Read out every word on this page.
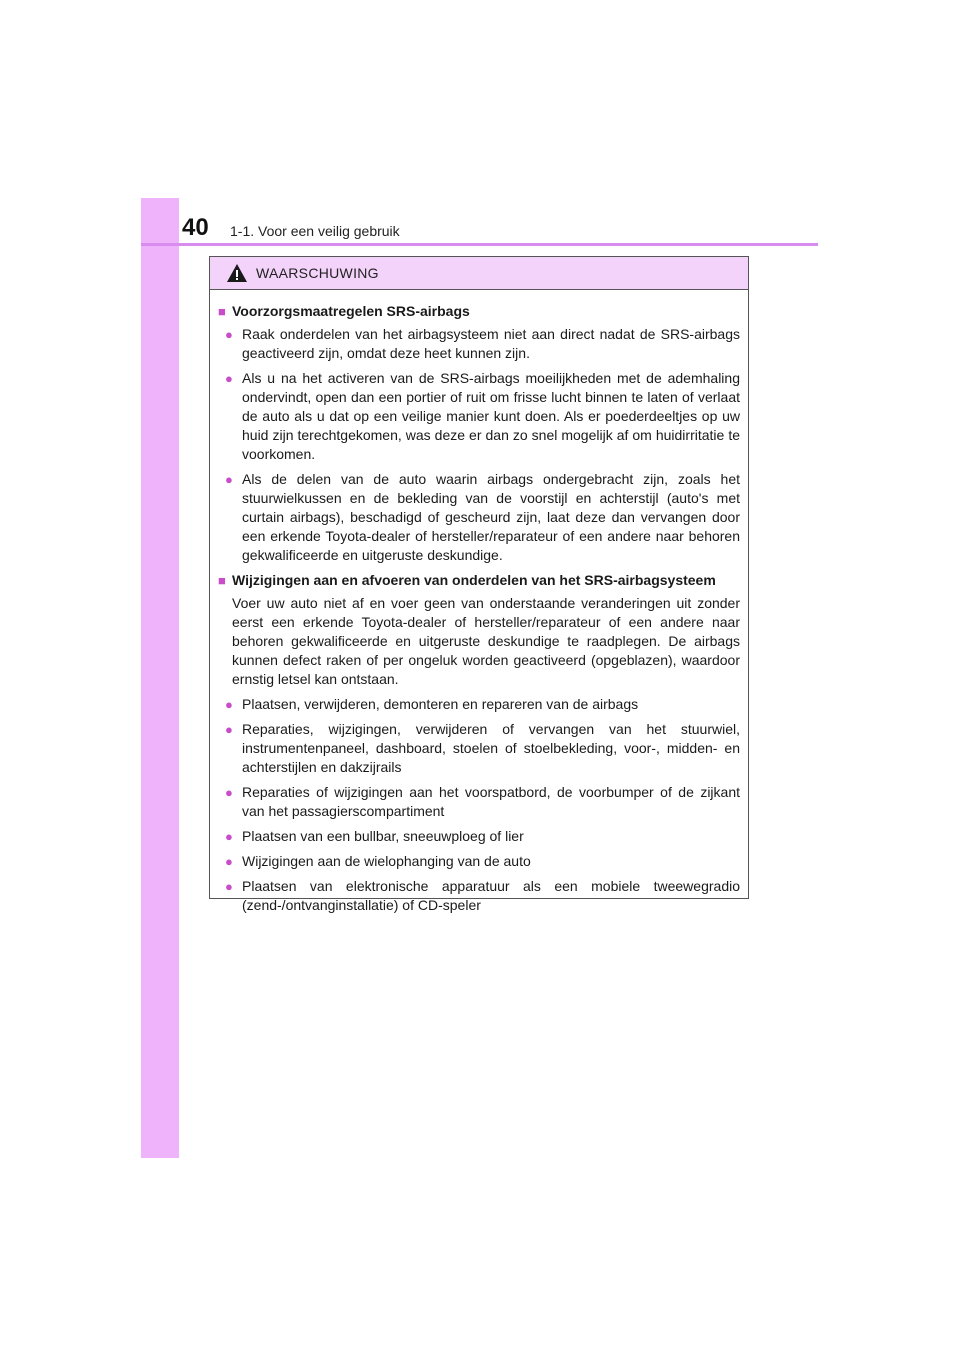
40 1-1. Voor een veilig gebruik
WAARSCHUWING
■ Voorzorgsmaatregelen SRS-airbags
● Raak onderdelen van het airbagsysteem niet aan direct nadat de SRS-airbags geactiveerd zijn, omdat deze heet kunnen zijn.
● Als u na het activeren van de SRS-airbags moeilijkheden met de ademhaling ondervindt, open dan een portier of ruit om frisse lucht binnen te laten of verlaat de auto als u dat op een veilige manier kunt doen. Als er poederdeeltjes op uw huid zijn terechtgekomen, was deze er dan zo snel mogelijk af om huidirritatie te voorkomen.
● Als de delen van de auto waarin airbags ondergebracht zijn, zoals het stuurwielkussen en de bekleding van de voorstijl en achterstijl (auto's met curtain airbags), beschadigd of gescheurd zijn, laat deze dan vervangen door een erkende Toyota-dealer of hersteller/reparateur of een andere naar behoren gekwalificeerde en uitgeruste deskundige.
■ Wijzigingen aan en afvoeren van onderdelen van het SRS-airbagsysteem
Voer uw auto niet af en voer geen van onderstaande veranderingen uit zonder eerst een erkende Toyota-dealer of hersteller/reparateur of een andere naar behoren gekwalificeerde en uitgeruste deskundige te raadplegen. De airbags kunnen defect raken of per ongeluk worden geactiveerd (opgeblazen), waardoor ernstig letsel kan ontstaan.
● Plaatsen, verwijderen, demonteren en repareren van de airbags
● Reparaties, wijzigingen, verwijderen of vervangen van het stuurwiel, instrumentenpaneel, dashboard, stoelen of stoelbekleding, voor-, midden- en achterstijlen en dakzijrails
● Reparaties of wijzigingen aan het voorspatbord, de voorbumper of de zijkant van het passagierscompartiment
● Plaatsen van een bullbar, sneeuwploeg of lier
● Wijzigingen aan de wielophanging van de auto
● Plaatsen van elektronische apparatuur als een mobiele tweewegradio (zend-/ontvanginstallatie) of CD-speler
